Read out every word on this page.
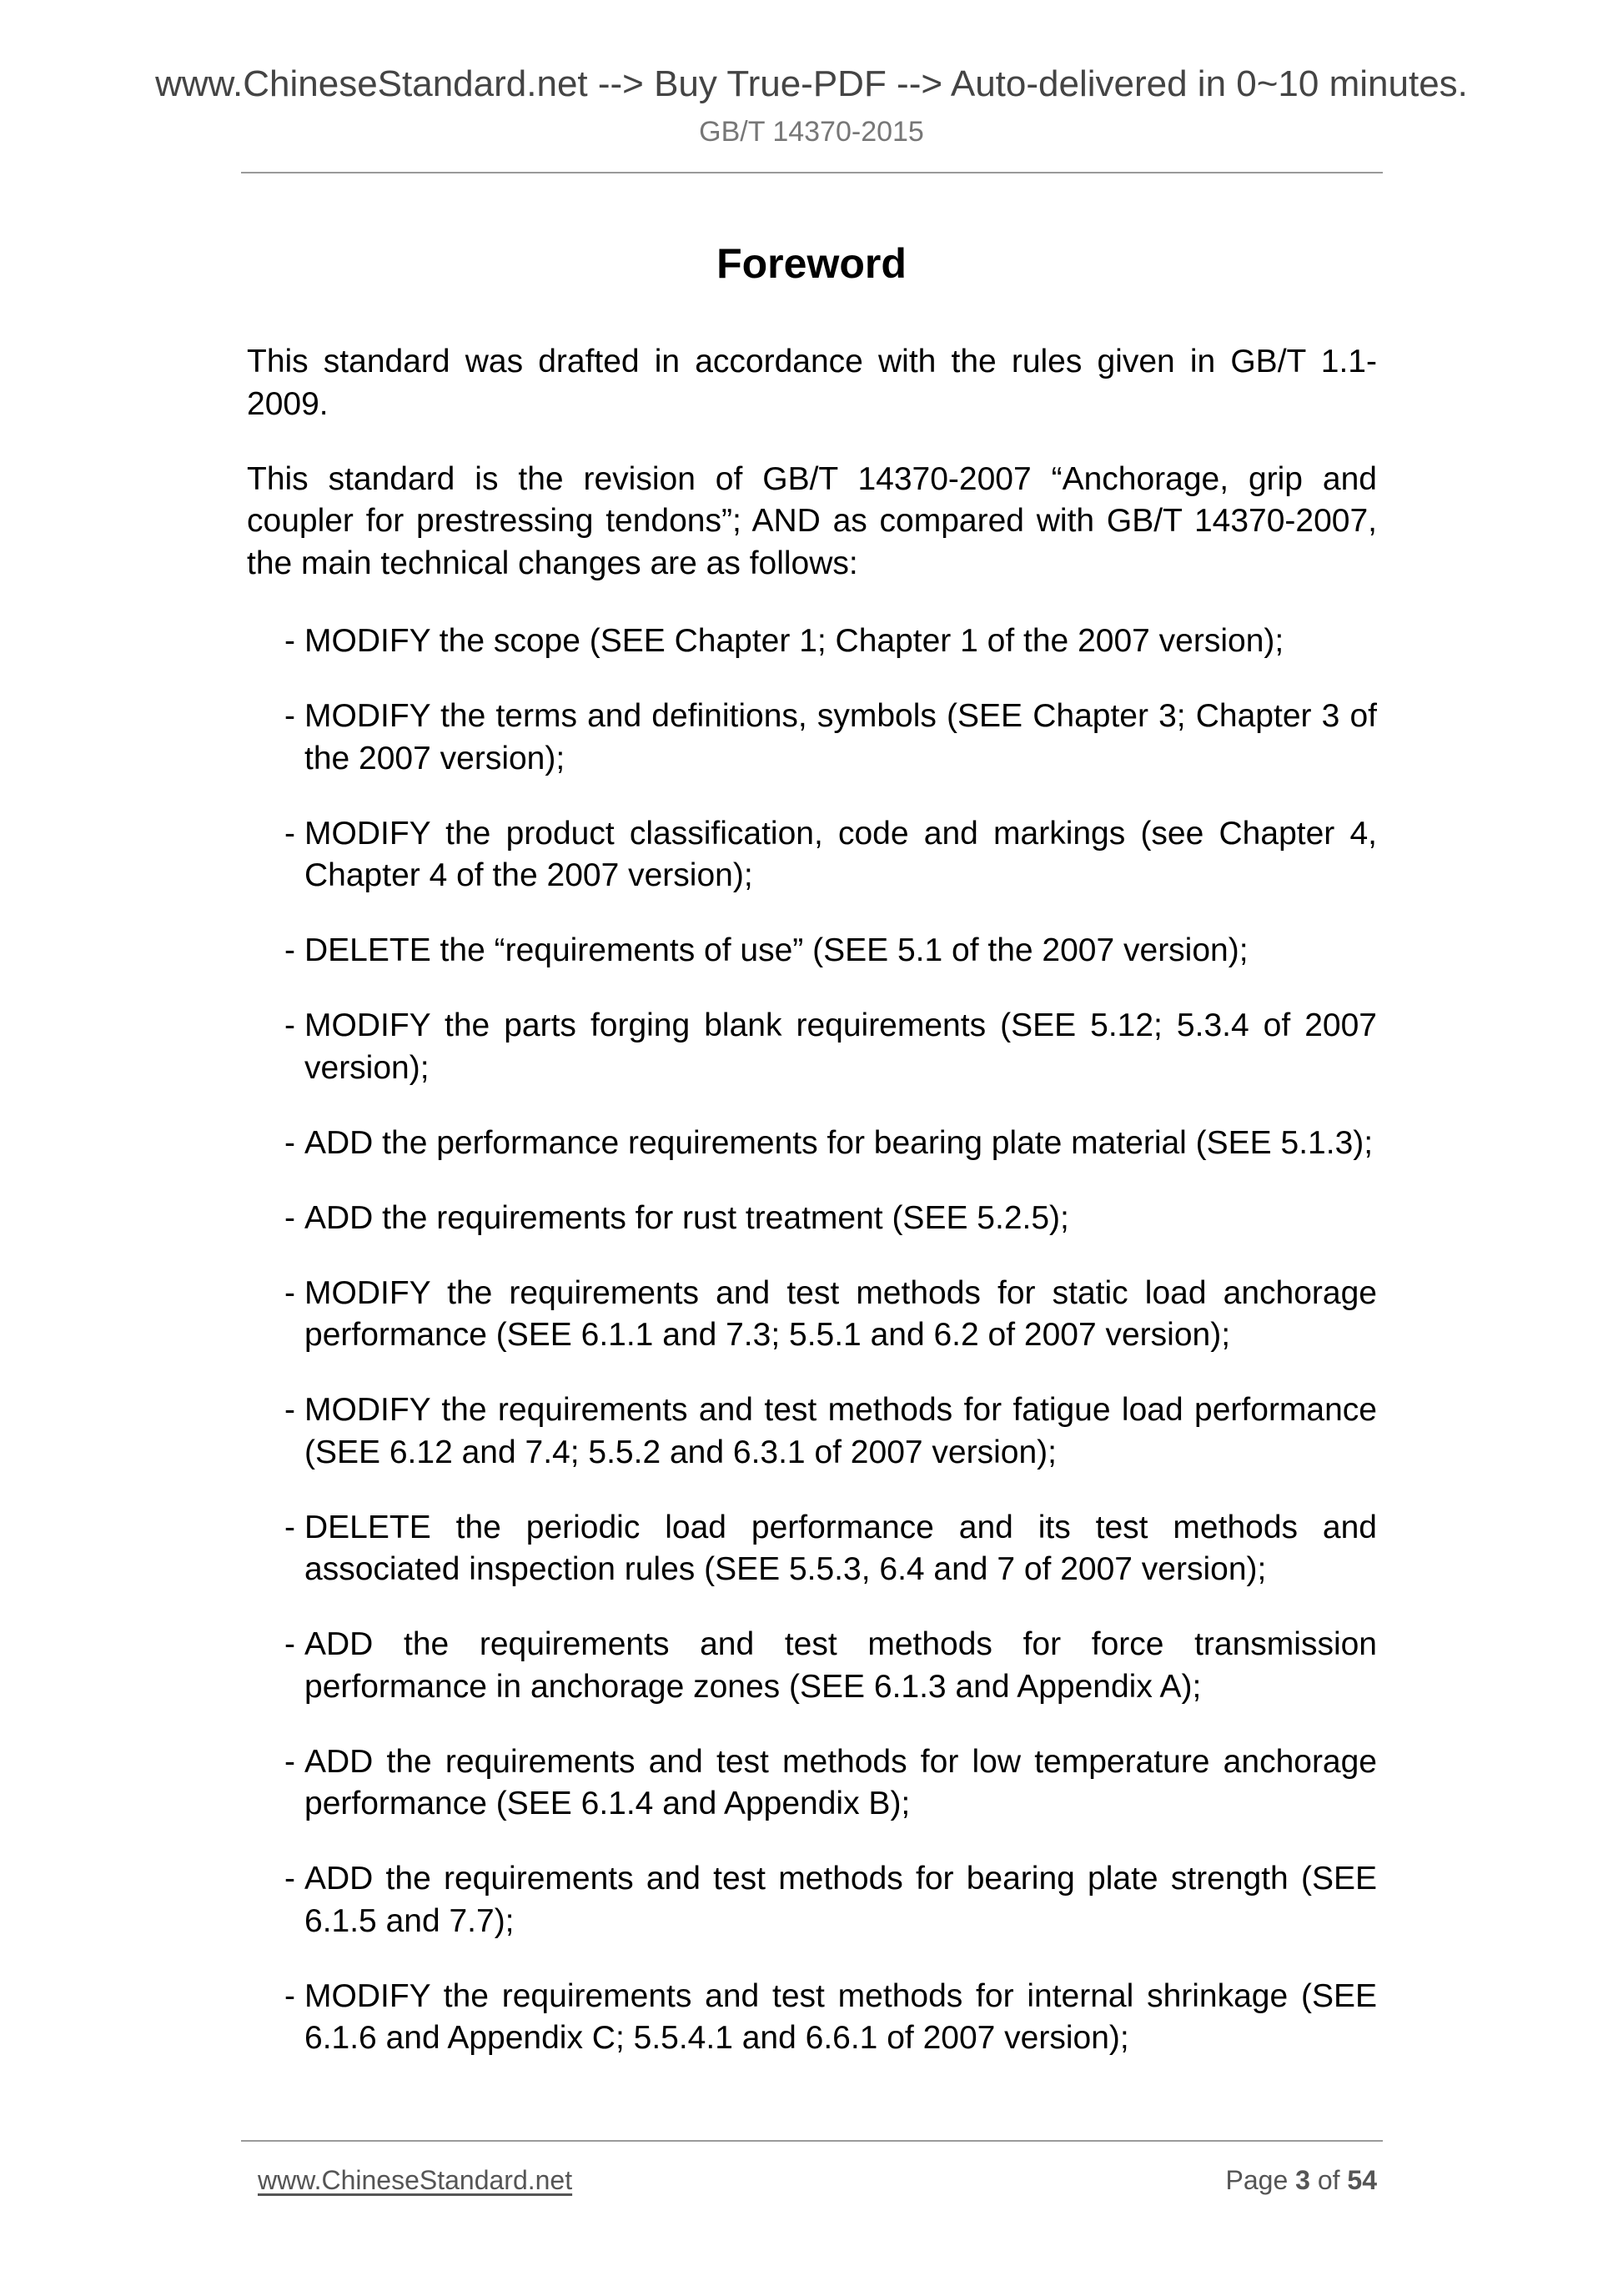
www.ChineseStandard.net --> Buy True-PDF --> Auto-delivered in 0~10 minutes.
GB/T 14370-2015
Foreword

This standard was drafted in accordance with the rules given in GB/T 1.1-2009.

This standard is the revision of GB/T 14370-2007 “Anchorage, grip and coupler for prestressing tendons”; AND as compared with GB/T 14370-2007, the main technical changes are as follows:

- MODIFY the scope (SEE Chapter 1; Chapter 1 of the 2007 version);
- MODIFY the terms and definitions, symbols (SEE Chapter 3; Chapter 3 of the 2007 version);
- MODIFY the product classification, code and markings (see Chapter 4, Chapter 4 of the 2007 version);
- DELETE the “requirements of use” (SEE 5.1 of the 2007 version);
- MODIFY the parts forging blank requirements (SEE 5.12; 5.3.4 of 2007 version);
- ADD the performance requirements for bearing plate material (SEE 5.1.3);
- ADD the requirements for rust treatment (SEE 5.2.5);
- MODIFY the requirements and test methods for static load anchorage performance (SEE 6.1.1 and 7.3; 5.5.1 and 6.2 of 2007 version);
- MODIFY the requirements and test methods for fatigue load performance (SEE 6.12 and 7.4; 5.5.2 and 6.3.1 of 2007 version);
- DELETE the periodic load performance and its test methods and associated inspection rules (SEE 5.5.3, 6.4 and 7 of 2007 version);
- ADD the requirements and test methods for force transmission performance in anchorage zones (SEE 6.1.3 and Appendix A);
- ADD the requirements and test methods for low temperature anchorage performance (SEE 6.1.4 and Appendix B);
- ADD the requirements and test methods for bearing plate strength (SEE 6.1.5 and 7.7);
- MODIFY the requirements and test methods for internal shrinkage (SEE 6.1.6 and Appendix C; 5.5.4.1 and 6.6.1 of 2007 version);
www.ChineseStandard.net	Page 3 of 54
